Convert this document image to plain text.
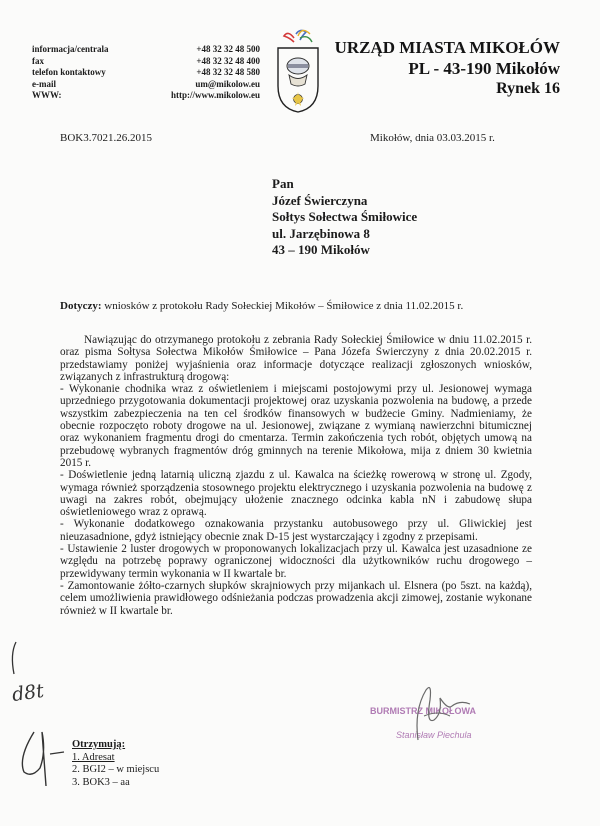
informacja/centrala
fax
telefon kontaktowy
e-mail
WWW:
+48 32 32 48 500
+48 32 32 48 400
+48 32 32 48 580
um@mikolow.eu
http://www.mikolow.eu
URZĄD MIASTA MIKOŁÓW
PL - 43-190 Mikołów
Rynek 16
BOK3.7021.26.2015	Mikołów, dnia 03.03.2015 r.
Pan
Józef Świerczyna
Sołtys Sołectwa Śmiłowice
ul. Jarzębinowa 8
43 – 190 Mikołów
Dotyczy: wniosków z protokołu Rady Sołeckiej Mikołów – Śmiłowice z dnia 11.02.2015 r.

Nawiązując do otrzymanego protokołu z zebrania Rady Sołeckiej Śmiłowice w dniu 11.02.2015 r. oraz pisma Sołtysa Sołectwa Mikołów Śmiłowice – Pana Józefa Świerczyny z dnia 20.02.2015 r. przedstawiamy poniżej wyjaśnienia oraz informacje dotyczące realizacji zgłoszonych wniosków, związanych z infrastrukturą drogową:

- Wykonanie chodnika wraz z oświetleniem i miejscami postojowymi przy ul. Jesionowej wymaga uprzedniego przygotowania dokumentacji projektowej oraz uzyskania pozwolenia na budowę, a przede wszystkim zabezpieczenia na ten cel środków finansowych w budżecie Gminy. Nadmieniamy, że obecnie rozpoczęto roboty drogowe na ul. Jesionowej, związane z wymianą nawierzchni bitumicznej oraz wykonaniem fragmentu drogi do cmentarza. Termin zakończenia tych robót, objętych umową na przebudowę wybranych fragmentów dróg gminnych na terenie Mikołowa, mija z dniem 30 kwietnia 2015 r.

- Doświetlenie jedną latarnią uliczną zjazdu z ul. Kawalca na ścieżkę rowerową w stronę ul. Zgody, wymaga również sporządzenia stosownego projektu elektrycznego i uzyskania pozwolenia na budowę z uwagi na zakres robót, obejmujący ułożenie znacznego odcinka kabla nN i zabudowę słupa oświetleniowego wraz z oprawą.

- Wykonanie dodatkowego oznakowania przystanku autobusowego przy ul. Gliwickiej jest nieuzasadnione, gdyż istniejący obecnie znak D-15 jest wystarczający i zgodny z przepisami.

- Ustawienie 2 luster drogowych w proponowanych lokalizacjach przy ul. Kawalca jest uzasadnione ze względu na potrzebę poprawy ograniczonej widoczności dla użytkowników ruchu drogowego – przewidywany termin wykonania w II kwartale br.

- Zamontowanie żółto-czarnych słupków skrajniowych przy mijankach ul. Elsnera (po 5szt. na każdą), celem umożliwienia prawidłowego odśnieżania podczas prowadzenia akcji zimowej, zostanie wykonane również w II kwartale br.

BURMISTRZ MIKOŁOWA
Stanisław Piechula
d8t
Otrzymują:
1. Adresat
2. BGI2 – w miejscu
3. BOK3 – aa
